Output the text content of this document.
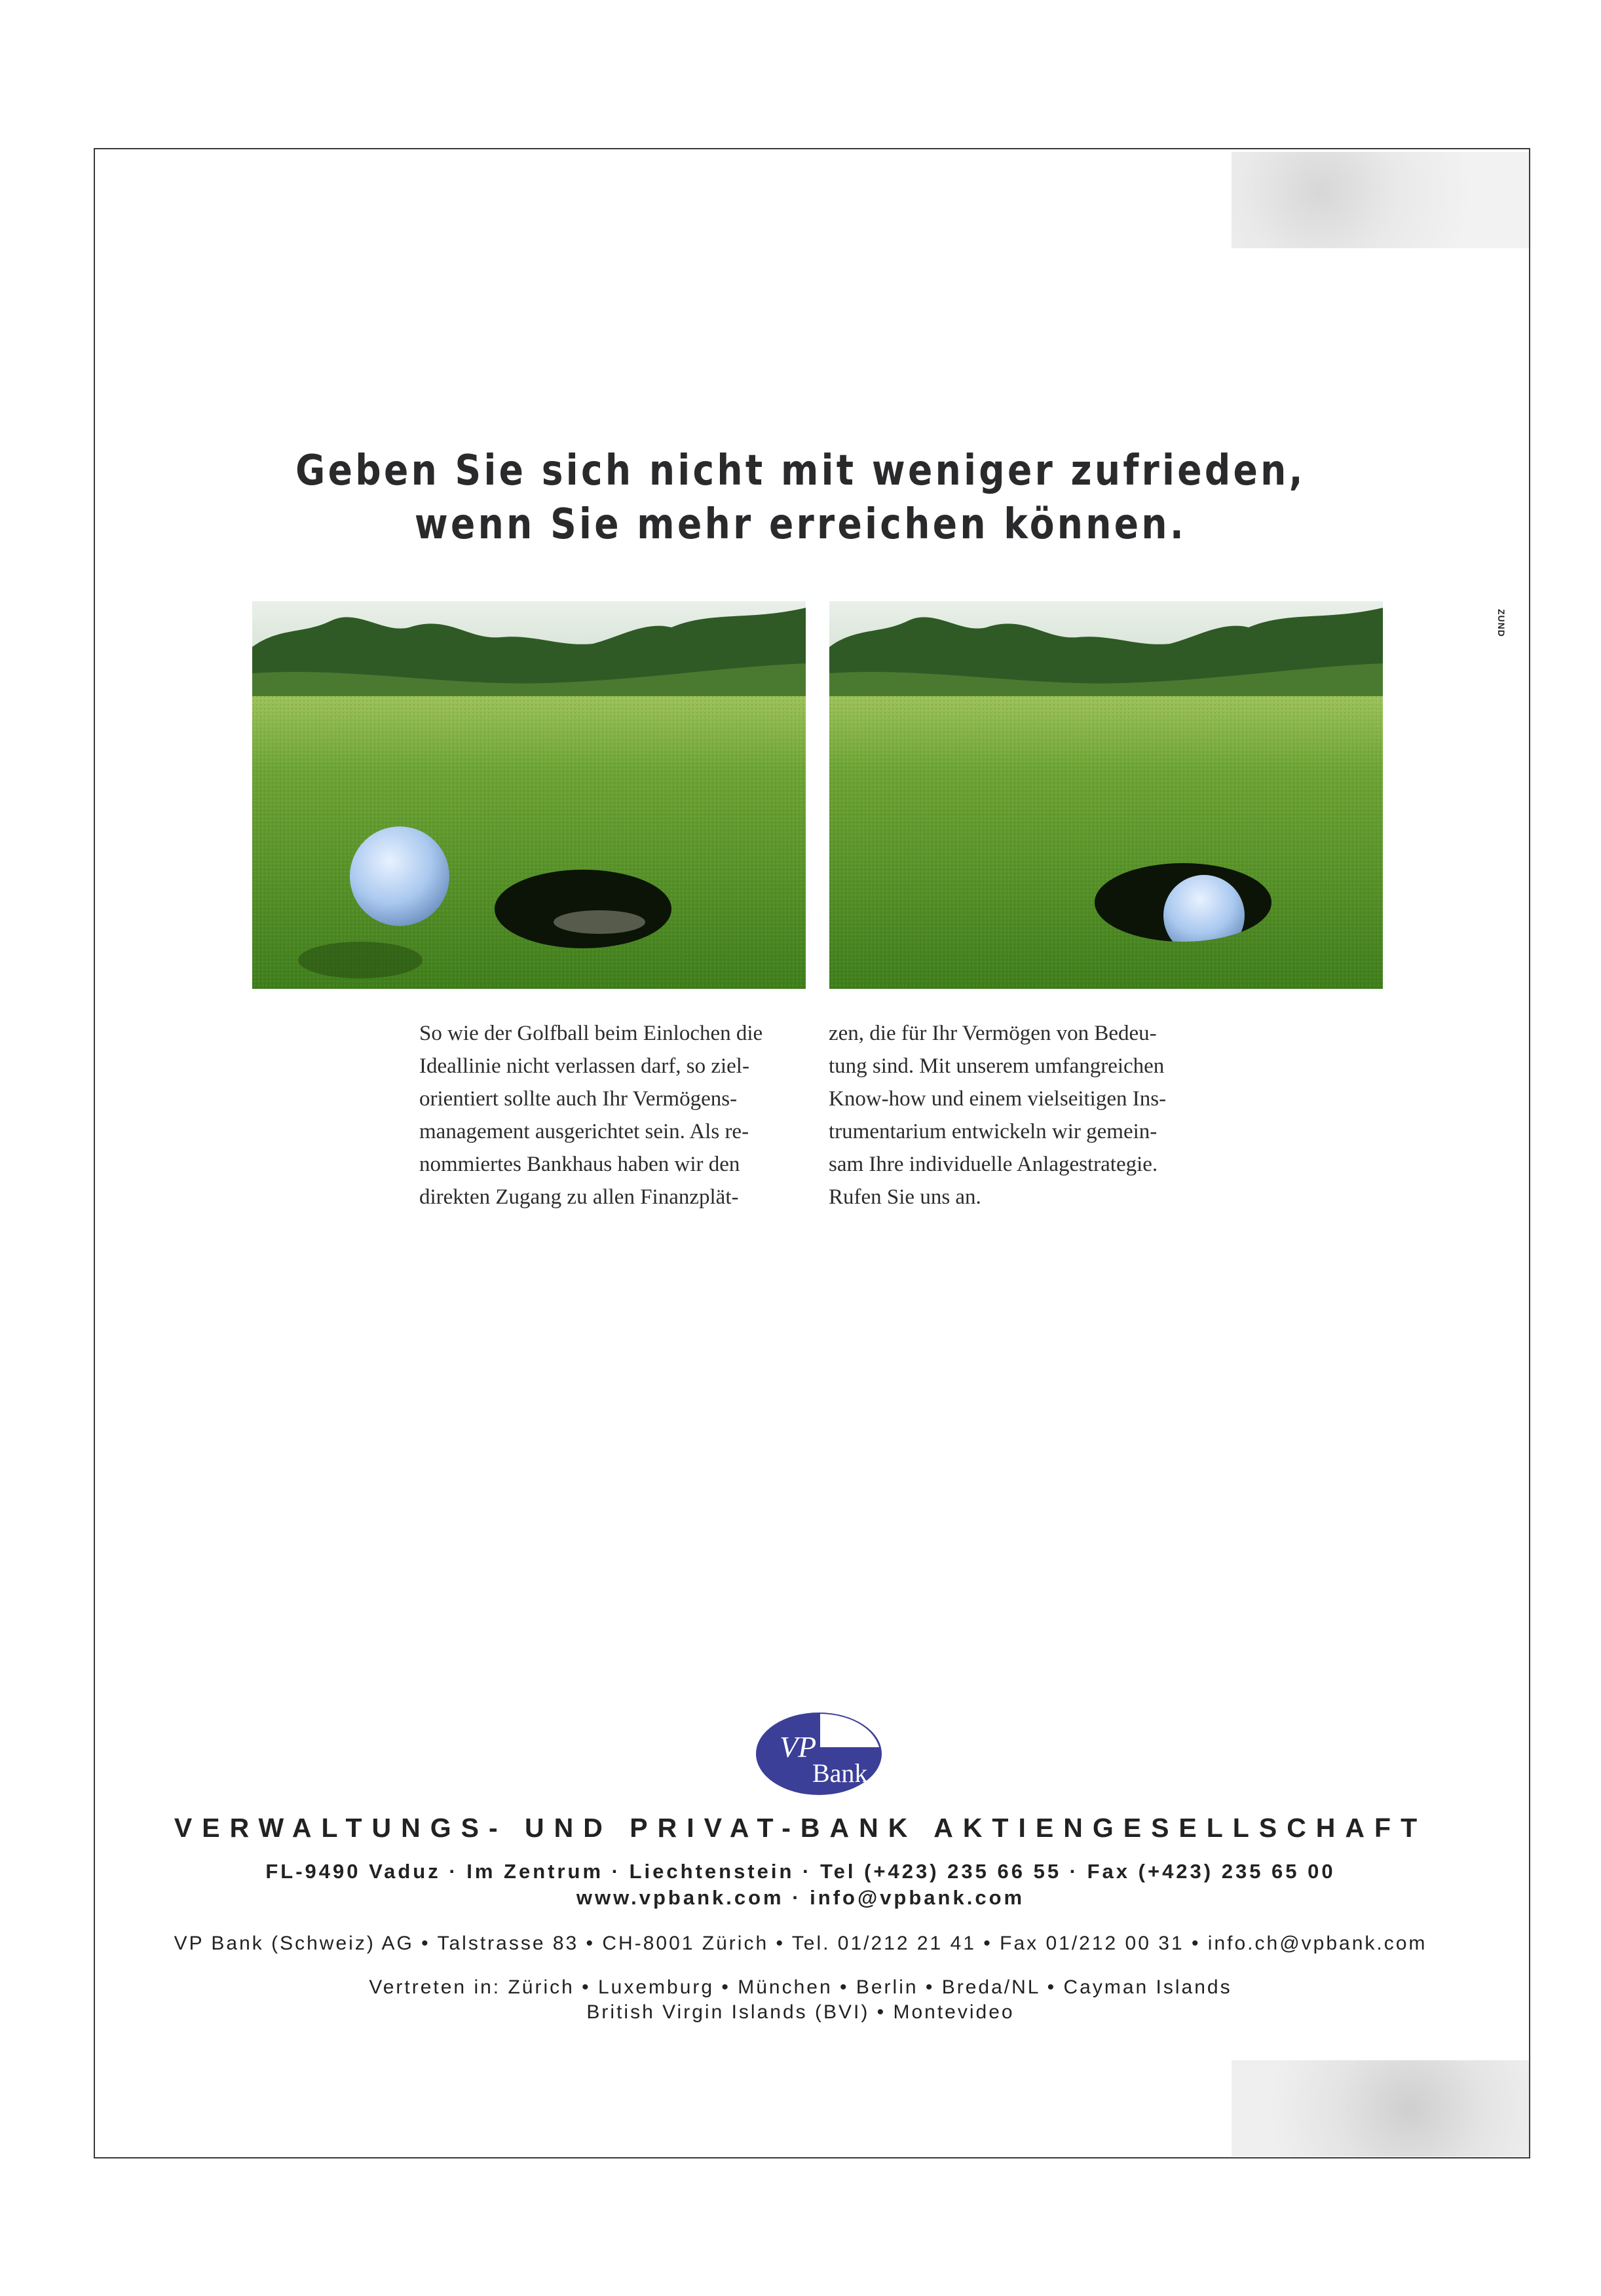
ZUND
Geben Sie sich nicht mit weniger zufrieden,
wenn Sie mehr erreichen können.
So wie der Golfball beim Einlochen die
Ideallinie nicht verlassen darf, so ziel-
orientiert sollte auch Ihr Vermögens-
management ausgerichtet sein. Als re-
nommiertes Bankhaus haben wir den
direkten Zugang zu allen Finanzplät-
zen, die für Ihr Vermögen von Bedeu-
tung sind. Mit unserem umfangreichen
Know-how und einem vielseitigen Ins-
trumentarium entwickeln wir gemein-
sam Ihre individuelle Anlagestrategie.
Rufen Sie uns an.
VP
Bank
VERWALTUNGS- UND PRIVAT-BANK AKTIENGESELLSCHAFT
FL-9490 Vaduz · Im Zentrum · Liechtenstein · Tel (+423) 235 66 55 · Fax (+423) 235 65 00
www.vpbank.com · info@vpbank.com
VP Bank (Schweiz) AG • Talstrasse 83 • CH-8001 Zürich • Tel. 01/212 21 41 • Fax 01/212 00 31 • info.ch@vpbank.com
Vertreten in: Zürich • Luxemburg • München • Berlin • Breda/NL • Cayman Islands
British Virgin Islands (BVI) • Montevideo
